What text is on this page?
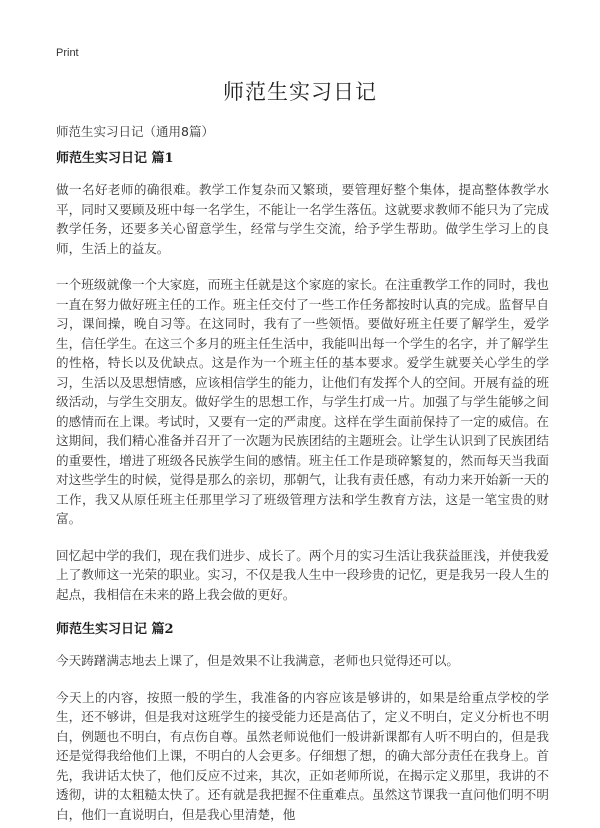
Print
师范生实习日记

师范生实习日记（通用8篇）

师范生实习日记 篇1

做一名好老师的确很难。教学工作复杂而又繁琐，要管理好整个集体，提高整体教学水平，同时又要顾及班中每一名学生，不能让一名学生落伍。这就要求教师不能只为了完成教学任务，还要多关心留意学生，经常与学生交流，给予学生帮助。做学生学习上的良师，生活上的益友。

一个班级就像一个大家庭，而班主任就是这个家庭的家长。在注重教学工作的同时，我也一直在努力做好班主任的工作。班主任交付了一些工作任务都按时认真的完成。监督早自习，课间操，晚自习等。在这同时，我有了一些领悟。要做好班主任要了解学生，爱学生，信任学生。在这三个多月的班主任生活中，我能叫出每一个学生的名字，并了解学生的性格，特长以及优缺点。这是作为一个班主任的基本要求。爱学生就要关心学生的学习，生活以及思想情感，应该相信学生的能力，让他们有发挥个人的空间。开展有益的班级活动，与学生交朋友。做好学生的思想工作，与学生打成一片。加强了与学生能够之间的感情而在上课。考试时，又要有一定的严肃度。这样在学生面前保持了一定的威信。在这期间，我们精心准备并召开了一次题为民族团结的主题班会。让学生认识到了民族团结的重要性，增进了班级各民族学生间的感情。班主任工作是琐碎繁复的，然而每天当我面对这些学生的时候，觉得是那么的亲切，那朝气，让我有责任感，有动力来开始新一天的工作，我又从原任班主任那里学习了班级管理方法和学生教育方法，这是一笔宝贵的财富。

回忆起中学的我们，现在我们进步、成长了。两个月的实习生活让我获益匪浅，并使我爱上了教师这一光荣的职业。实习，不仅是我人生中一段珍贵的记忆，更是我另一段人生的起点，我相信在未来的路上我会做的更好。

师范生实习日记 篇2

今天踌躇满志地去上课了，但是效果不让我满意，老师也只觉得还可以。

今天上的内容，按照一般的学生，我准备的内容应该是够讲的，如果是给重点学校的学生，还不够讲，但是我对这班学生的接受能力还是高估了，定义不明白，定义分析也不明白，例题也不明白，有点伤自尊。虽然老师说他们一般讲新课都有人听不明白的，但是我还是觉得我给他们上课，不明白的人会更多。仔细想了想，的确大部分责任在我身上。首先，我讲话太快了，他们反应不过来，其次，正如老师所说，在揭示定义那里，我讲的不透彻，讲的太粗糙太快了。还有就是我把握不住重难点。虽然这节课我一直问他们明不明白，他们一直说明白，但是我心里清楚，他
